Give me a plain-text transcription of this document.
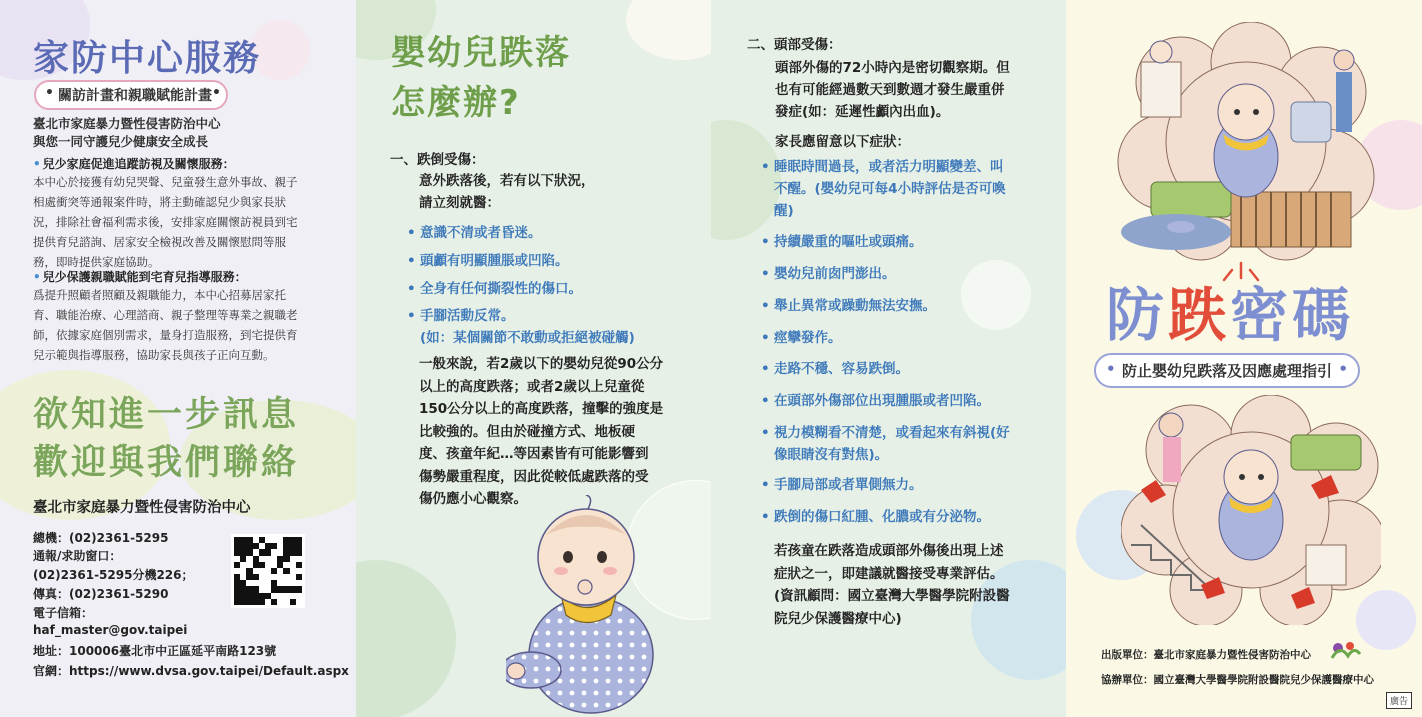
家防中心服務
• 關訪計畫和親職賦能計畫 •
臺北市家庭暴力暨性侵害防治中心
與您一同守護兒少健康安全成長
• 兒少家庭促進追蹤訪視及關懷服務：
本中心於接獲有幼兒哭聲、兒童發生意外事故、親子
相處衝突等通報案件時，將主動確認兒少與家長狀
況，排除社會福利需求後，安排家庭關懷訪視員到宅
提供育兒諮詢、居家安全檢視改善及關懷慰問等服
務，即時提供家庭協助。
• 兒少保護親職賦能到宅育兒指導服務：
爲提升照顧者照顧及親職能力，本中心招募居家托
育、職能治療、心理諮商、親子整理等專業之親職老
師，依據家庭個別需求，量身打造服務，到宅提供育
兒示範與指導服務，協助家長與孩子正向互動。
欲知進一步訊息
歡迎與我們聯絡
臺北市家庭暴力暨性侵害防治中心
總機：(02)2361-5295
通報/求助窗口：
(02)2361-5295分機226；
傳真：(02)2361-5290
電子信箱：
haf_master@gov.taipei
地址：100006臺北市中正區延平南路123號
官網：https://www.dvsa.gov.taipei/Default.aspx
嬰幼兒跌落
怎麼辦?
一、跌倒受傷：
意外跌落後，若有以下狀況，
請立刻就醫：
• 意識不清或者昏迷。
• 頭顱有明顯腫脹或凹陷。
• 全身有任何撕裂性的傷口。
• 手腳活動反常。
(如：某個關節不敢動或拒絕被碰觸)
一般來說，若2歲以下的嬰幼兒從90公分
以上的高度跌落；或者2歲以上兒童從
150公分以上的高度跌落，撞擊的強度是
比較強的。但由於碰撞方式、地板硬
度、孩童年紀…等因素皆有可能影響到
傷勢嚴重程度，因此從較低處跌落的受
傷仍應小心觀察。
二、頭部受傷：
頭部外傷的72小時內是密切觀察期。但
也有可能經過數天到數週才發生嚴重併
發症(如：延遲性顱內出血)。
家長應留意以下症狀：
• 睡眠時間過長，或者活力明顯變差、叫
不醒。(嬰幼兒可每4小時評估是否可喚
醒)
• 持續嚴重的嘔吐或頭痛。
• 嬰幼兒前囱門澎出。
• 舉止異常或躁動無法安撫。
• 痙攣發作。
• 走路不穩、容易跌倒。
• 在頭部外傷部位出現腫脹或者凹陷。
• 視力模糊看不清楚，或看起來有斜視(好
像眼睛沒有對焦)。
• 手腳局部或者單側無力。
• 跌倒的傷口紅腫、化膿或有分泌物。
若孩童在跌落造成頭部外傷後出現上述
症狀之一，即建議就醫接受專業評估。
(資訊顧問：國立臺灣大學醫學院附設醫
院兒少保護醫療中心)
防跌密碼
• 防止嬰幼兒跌落及因應處理指引 •
出版單位：臺北市家庭暴力暨性侵害防治中心
協辦單位：國立臺灣大學醫學院附設醫院兒少保護醫療中心
廣告
